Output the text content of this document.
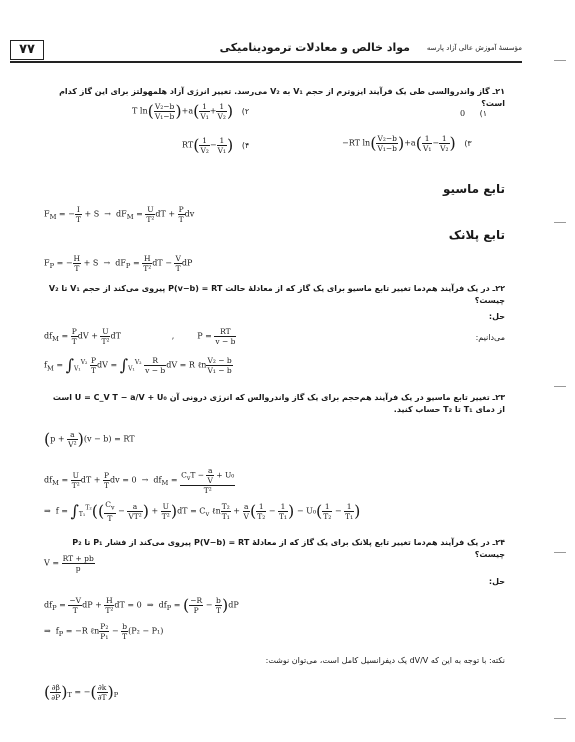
۷۷	مواد خالص و معادلات ترمودینامیکی مؤسسهٔ آموزش عالی آزاد پارسه
۲۱ـ گاز واندروالسی طی یک فرآیند ایزوترم از حجم V₁ به V₂ می‌رسد. تغییر انرژی آزاد هلمهولتز برای این گاز کدام است؟
0 (۱
T $\ln( \frac{\text{V₂−b}}{\text{V₁−b}} )+a( \frac{1}{\text{V₁}} + \frac{1}{\text{V₂}}$ ) (۲
−RT $\ln( \frac{\text{V₂−b}}{\text{V₁−b}} )+a( \frac{1}{\text{V₁}} - \frac{1}{\text{V₂}}$ ) (۳
$RT( \frac{1}{\text{V₂}} - \frac{1}{\text{V₁}}$ ) (۴
تابع ماسیو
$F_M$ = − $\frac{I}{T} + S \to dF_M = \frac{U}{\text{T²}}$ dT + $\frac{P}{T}$ dv
تابع پلانک
$F_P$ = − $\frac{H}{T} + S \to dF_P = \frac{H}{\text{T²}}$ dT − $\frac{V}{T}$ dP
۲۲ـ در یک فرآیند هم‌دما تغییر تابع ماسیو برای یک گاز که از معادلهٔ حالت P(v−b) = RT پیروی می‌کند از حجم V₁ تا V₂ چیست؟
حل:
می‌دانیم:
$df_M = \frac{P}{T}$ dV + $\frac{U}{\text{T²}}$ dT                    ,         $P = \frac{RT}{v - b}$
$f_M = \int_{V_1}^{V_2} \frac{P}{T}$ dV = $\int_{V_1}^{V_2} \frac{R}{v - b}$ dV = R ℓn $\frac{\text{V₂ − b}}{\text{V₁ − b}}$
۲۳ـ تغییر تابع ماسیو در یک فرآیند هم‌حجم برای یک گاز واندروالس که انرژی درونی آن U = C_V T − a/V + U₀ است از دمای T₁ تا T₂ حساب کنید.
$(p + \frac{a}{\text{V²}} )(v - b)$ = RT
$df_M = \frac{U}{\text{T²}}$ dT + $\frac{P}{T}$ dv = $0 \to df_M = \frac{C_vT - \frac{a}{V} + U_0}{\text{T²}}$
⇒  $f = \int_{T_1}^{T_2}(( \frac{C_v}{T} - \frac{a}{\text{VT²}}$ ) + $\frac{U}{\text{T²}} )dT = C_v$ ℓn $\frac{\text{T₂}}{\text{T₁}} + \frac{a}{V}$ ( $\frac{1}{\text{T₂}} - \frac{1}{\text{T₁}}$ ) − $U_0( \frac{1}{\text{T₂}} - \frac{1}{\text{T₁}}$ )
۲۴ـ در یک فرآیند هم‌دما تغییر تابع پلانک برای یک گاز که از معادلهٔ P(V−b) = RT پیروی می‌کند از فشار P₁ تا P₂ چیست؟
$V = \frac{RT + pb}{p}$
حل:
$df_P = \frac{-V}{T}$ dP + $\frac{H}{\text{T²}}$ dT = 0  ⇒  $df_P$ = ( $\frac{-R}{P} - \frac{b}{T} )dP$
⇒  $f_P = -R$ ℓn $\frac{\text{P₂}}{\text{P₁}} - \frac{b}{T} (P_2 - P_1)$
نکته: با توجه به این که dV/V یک دیفرانسیل کامل است، می‌توان نوشت:
( $\frac{\partial\beta}{\partial P} )_T$ = −( $\frac{\partial k}{\partial T} )_P$
